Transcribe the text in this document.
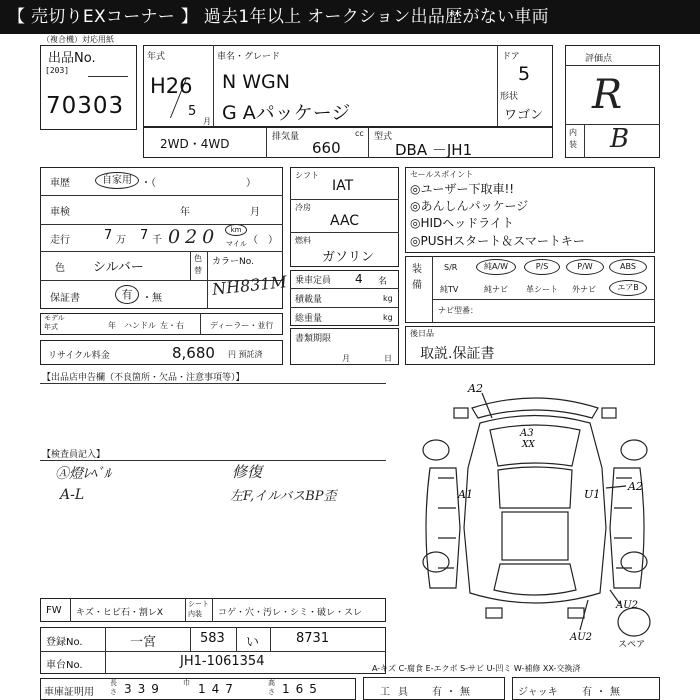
【 売切りEXコーナー 】 過去1年以上 オークション出品歴がない車両
（複合機）対応用紙
出品No.
[203]
70303
年式
H26
5
月
車名・グレード
N WGN
G Aパッケージ
ドア
5
形状
ワゴン
評価点
R
内装 B
2WD・4WD	排気量	cc
660
型式
DBA －JH1
車歴	自家用 ・（　　　　　　　　　）
車検	年	月
走行	7 万 7 千 020	km
マイル （　）
色 シルバー
色替
カラーNo.
NH831M
保証書	有 ・無
モデル年式	年 ハンドル 左・右	ディーラー・並行
リサイクル料金	8,680 円 預託済
シフト
IAT
冷房
AAC
燃料
ガソリン
乗車定員 4 名
積載量	kg
総重量	kg
書類期限
月	日
セールスポイント
◎ユーザー下取車!!
◎あんしんパッケージ
◎HIDヘッドライト
◎PUSHスタート＆スマートキー
装備
S/R	純A/W	P/S	P/W	ABS
純TV	純ナビ 革シート 外ナビ	エアB
ナビ型番：
後日品
取説.保証書
【出品店申告欄（不良箇所・欠品・注意事項等）】
【検査員記入】
Ⓐ燈ﾚﾍﾞﾙ
A-L
修復
左F,イルバスBP歪
A2
A3
XX
A1	U1
A2
AU2
AU2
スペア
FW キズ・ヒビ石・割レX
シート内装	コゲ・穴・汚レ・シミ・破レ・スレ
登録No.	一宮	583 い	8731
車台No.	JH1-1061354
車庫証明用
長さ 339	巾 147	高さ 165
A-キズ C-腐食 E-エクボ S-サビ U-凹ミ W-補修 XX-交換済
工具 有・無	ジャッキ 有・無
